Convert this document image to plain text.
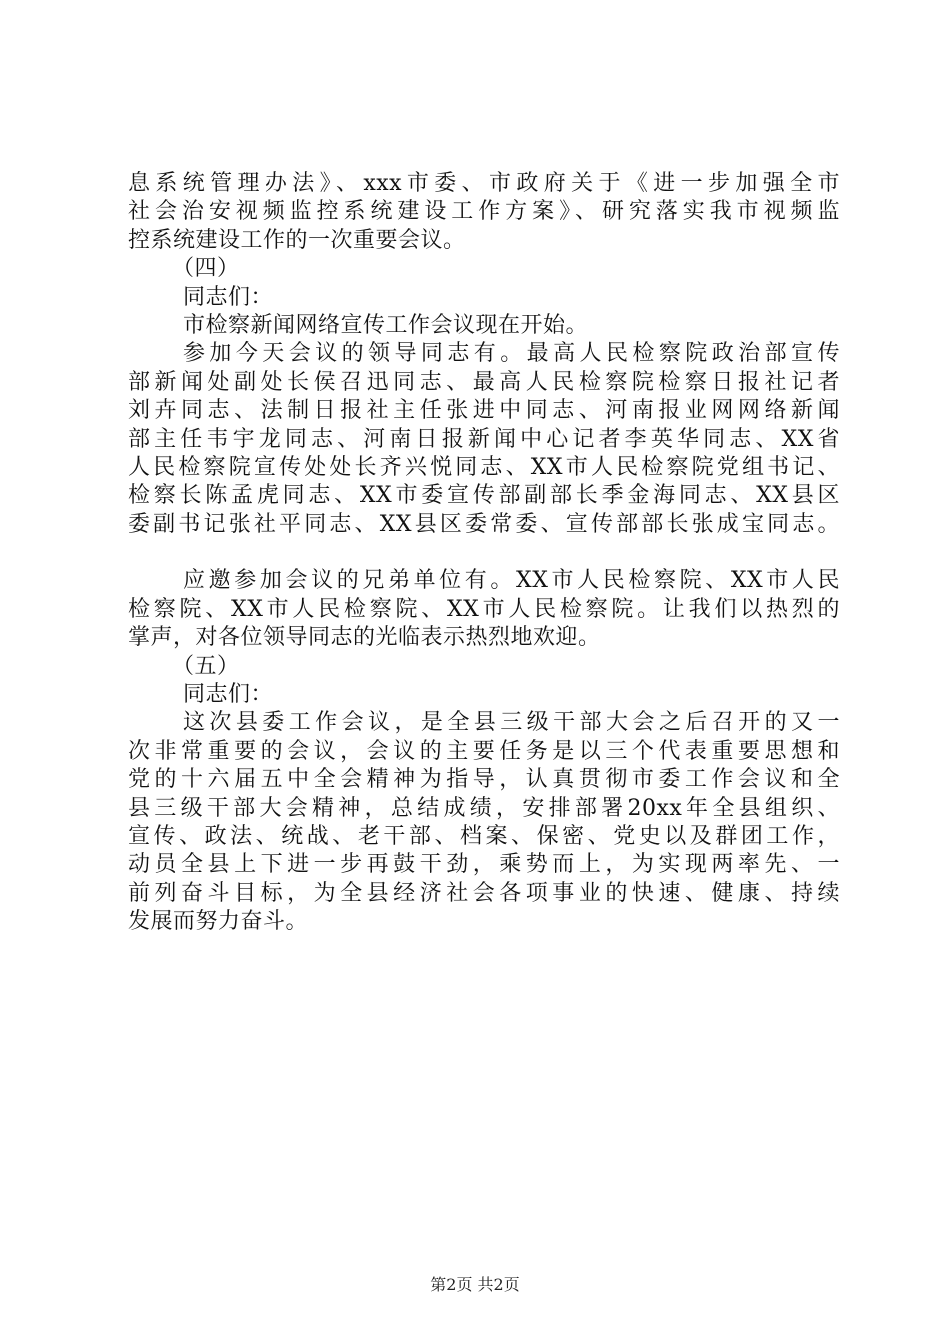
息系统管理办法》、xxx市委、市政府关于《进一步加强全市
社会治安视频监控系统建设工作方案》、研究落实我市视频监
控系统建设工作的一次重要会议。
（四）
同志们：
市检察新闻网络宣传工作会议现在开始。
参加今天会议的领导同志有。最高人民检察院政治部宣传
部新闻处副处长侯召迅同志、最高人民检察院检察日报社记者
刘卉同志、法制日报社主任张进中同志、河南报业网网络新闻
部主任韦宇龙同志、河南日报新闻中心记者李英华同志、XX省
人民检察院宣传处处长齐兴悦同志、XX市人民检察院党组书记、
检察长陈孟虎同志、XX市委宣传部副部长季金海同志、XX县区
委副书记张社平同志、XX县区委常委、宣传部部长张成宝同志。
应邀参加会议的兄弟单位有。XX市人民检察院、XX市人民
检察院、XX市人民检察院、XX市人民检察院。让我们以热烈的
掌声，对各位领导同志的光临表示热烈地欢迎。
（五）
同志们：
这次县委工作会议，是全县三级干部大会之后召开的又一
次非常重要的会议，会议的主要任务是以三个代表重要思想和
党的十六届五中全会精神为指导，认真贯彻市委工作会议和全
县三级干部大会精神，总结成绩，安排部署20xx年全县组织、
宣传、政法、统战、老干部、档案、保密、党史以及群团工作，
动员全县上下进一步再鼓干劲，乘势而上，为实现两率先、一
前列奋斗目标，为全县经济社会各项事业的快速、健康、持续
发展而努力奋斗。
第2页 共2页
